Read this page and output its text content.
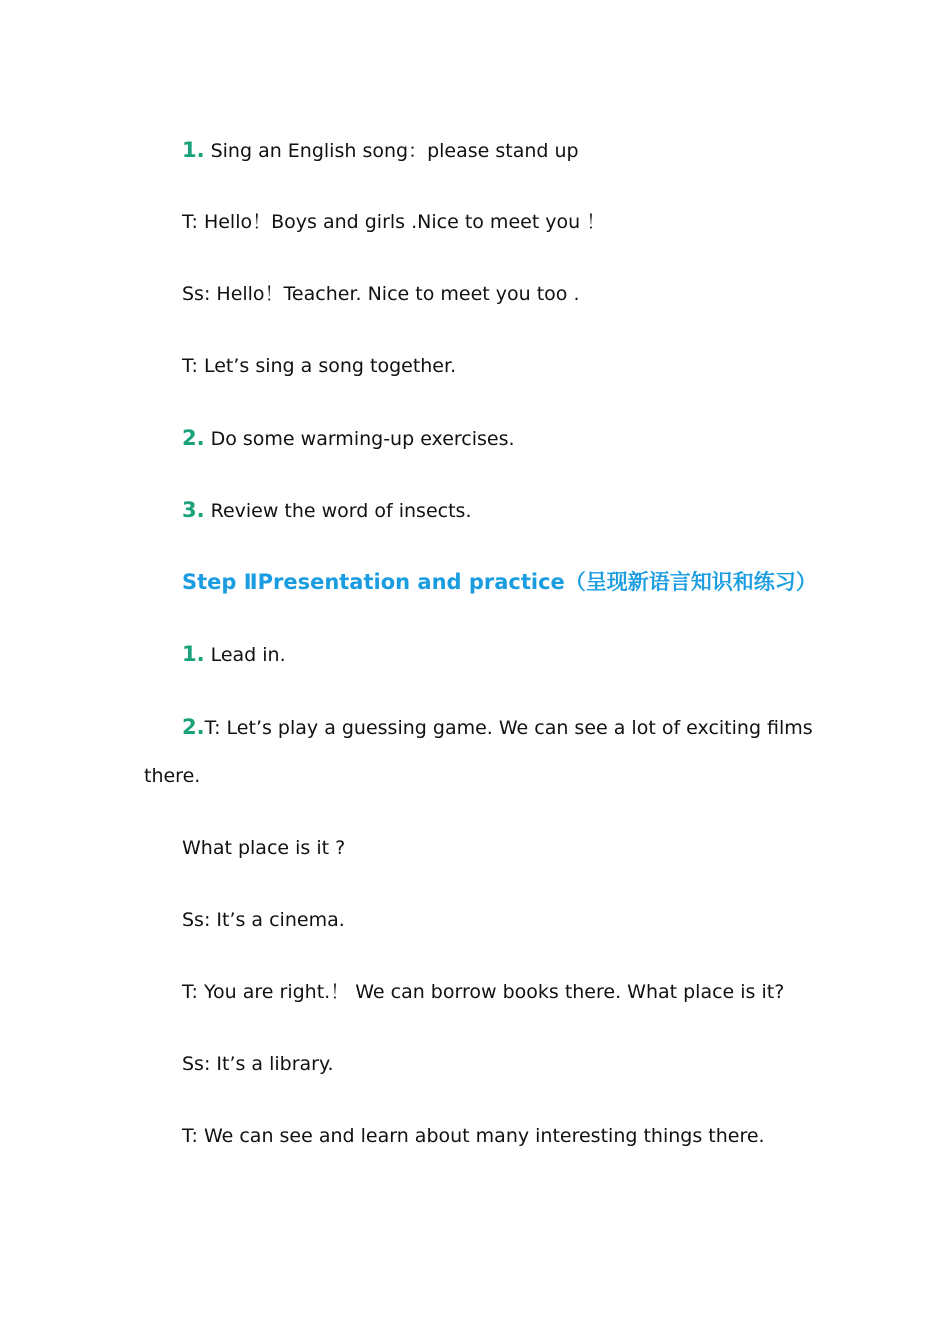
1. Sing an English song：please stand up
T: Hello！Boys and girls .Nice to meet you ！
Ss: Hello！Teacher. Nice to meet you too .
T: Let’s sing a song together.
2. Do some warming-up exercises.
3. Review the word of insects.
Step ⅡPresentation and practice（呈现新语言知识和练习）
1. Lead in.
2.T: Let’s play a guessing game. We can see a lot of exciting films
there.
What place is it ?
Ss: It’s a cinema.
T: You are right.！ We can borrow books there. What place is it?
Ss: It’s a library.
T: We can see and learn about many interesting things there.
